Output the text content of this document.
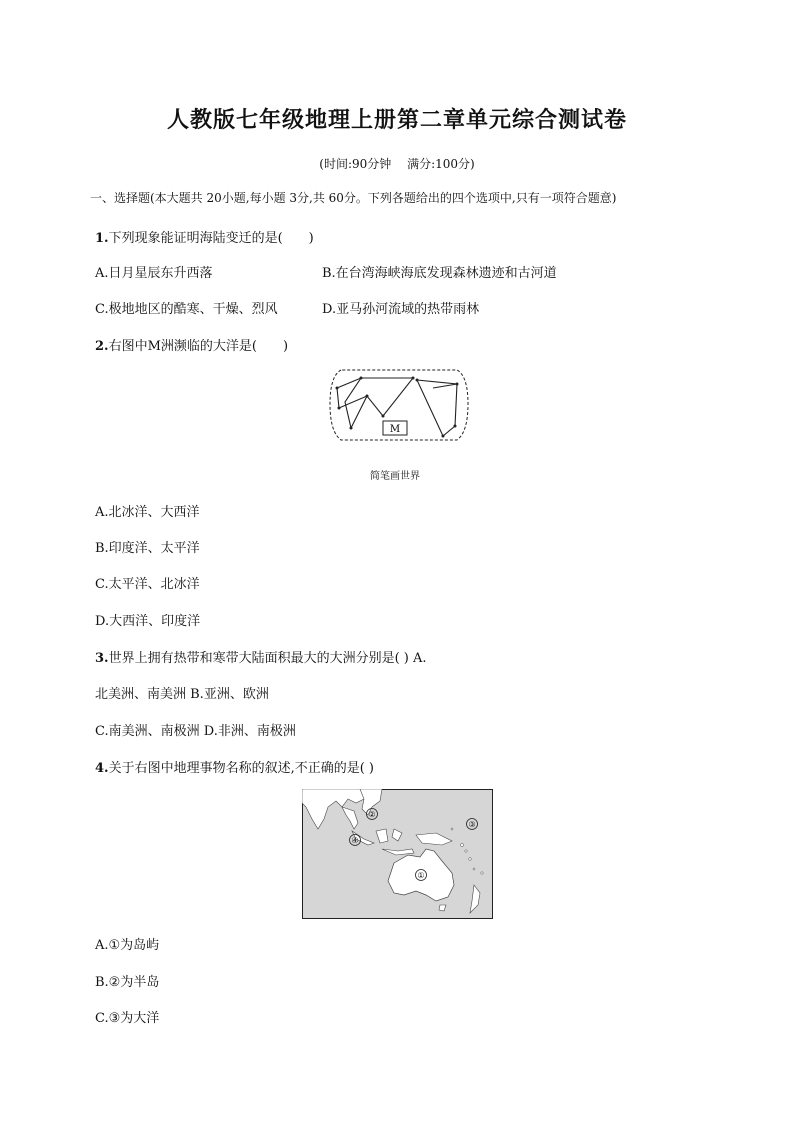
人教版七年级地理上册第二章单元综合测试卷
(时间:90分钟　 满分:100分)
一、选择题(本大题共 20小题,每小题 3分,共 60分。下列各题给出的四个选项中,只有一项符合题意)
1.下列现象能证明海陆变迁的是(　　)
A.日月星辰东升西落	B.在台湾海峡海底发现森林遗迹和古河道
C.极地地区的酷寒、干燥、烈风	D.亚马孙河流域的热带雨林
2.右图中M洲濒临的大洋是(　　)
M
简笔画世界
A.北冰洋、大西洋
B.印度洋、太平洋
C.太平洋、北冰洋
D.大西洋、印度洋
3.世界上拥有热带和寒带大陆面积最大的大洲分别是( ) A.
北美洲、南美洲 B.亚洲、欧洲
C.南美洲、南极洲 D.非洲、南极洲
4.关于右图中地理事物名称的叙述,不正确的是( )
①
②
③
④
A.①为岛屿
B.②为半岛
C.③为大洋
